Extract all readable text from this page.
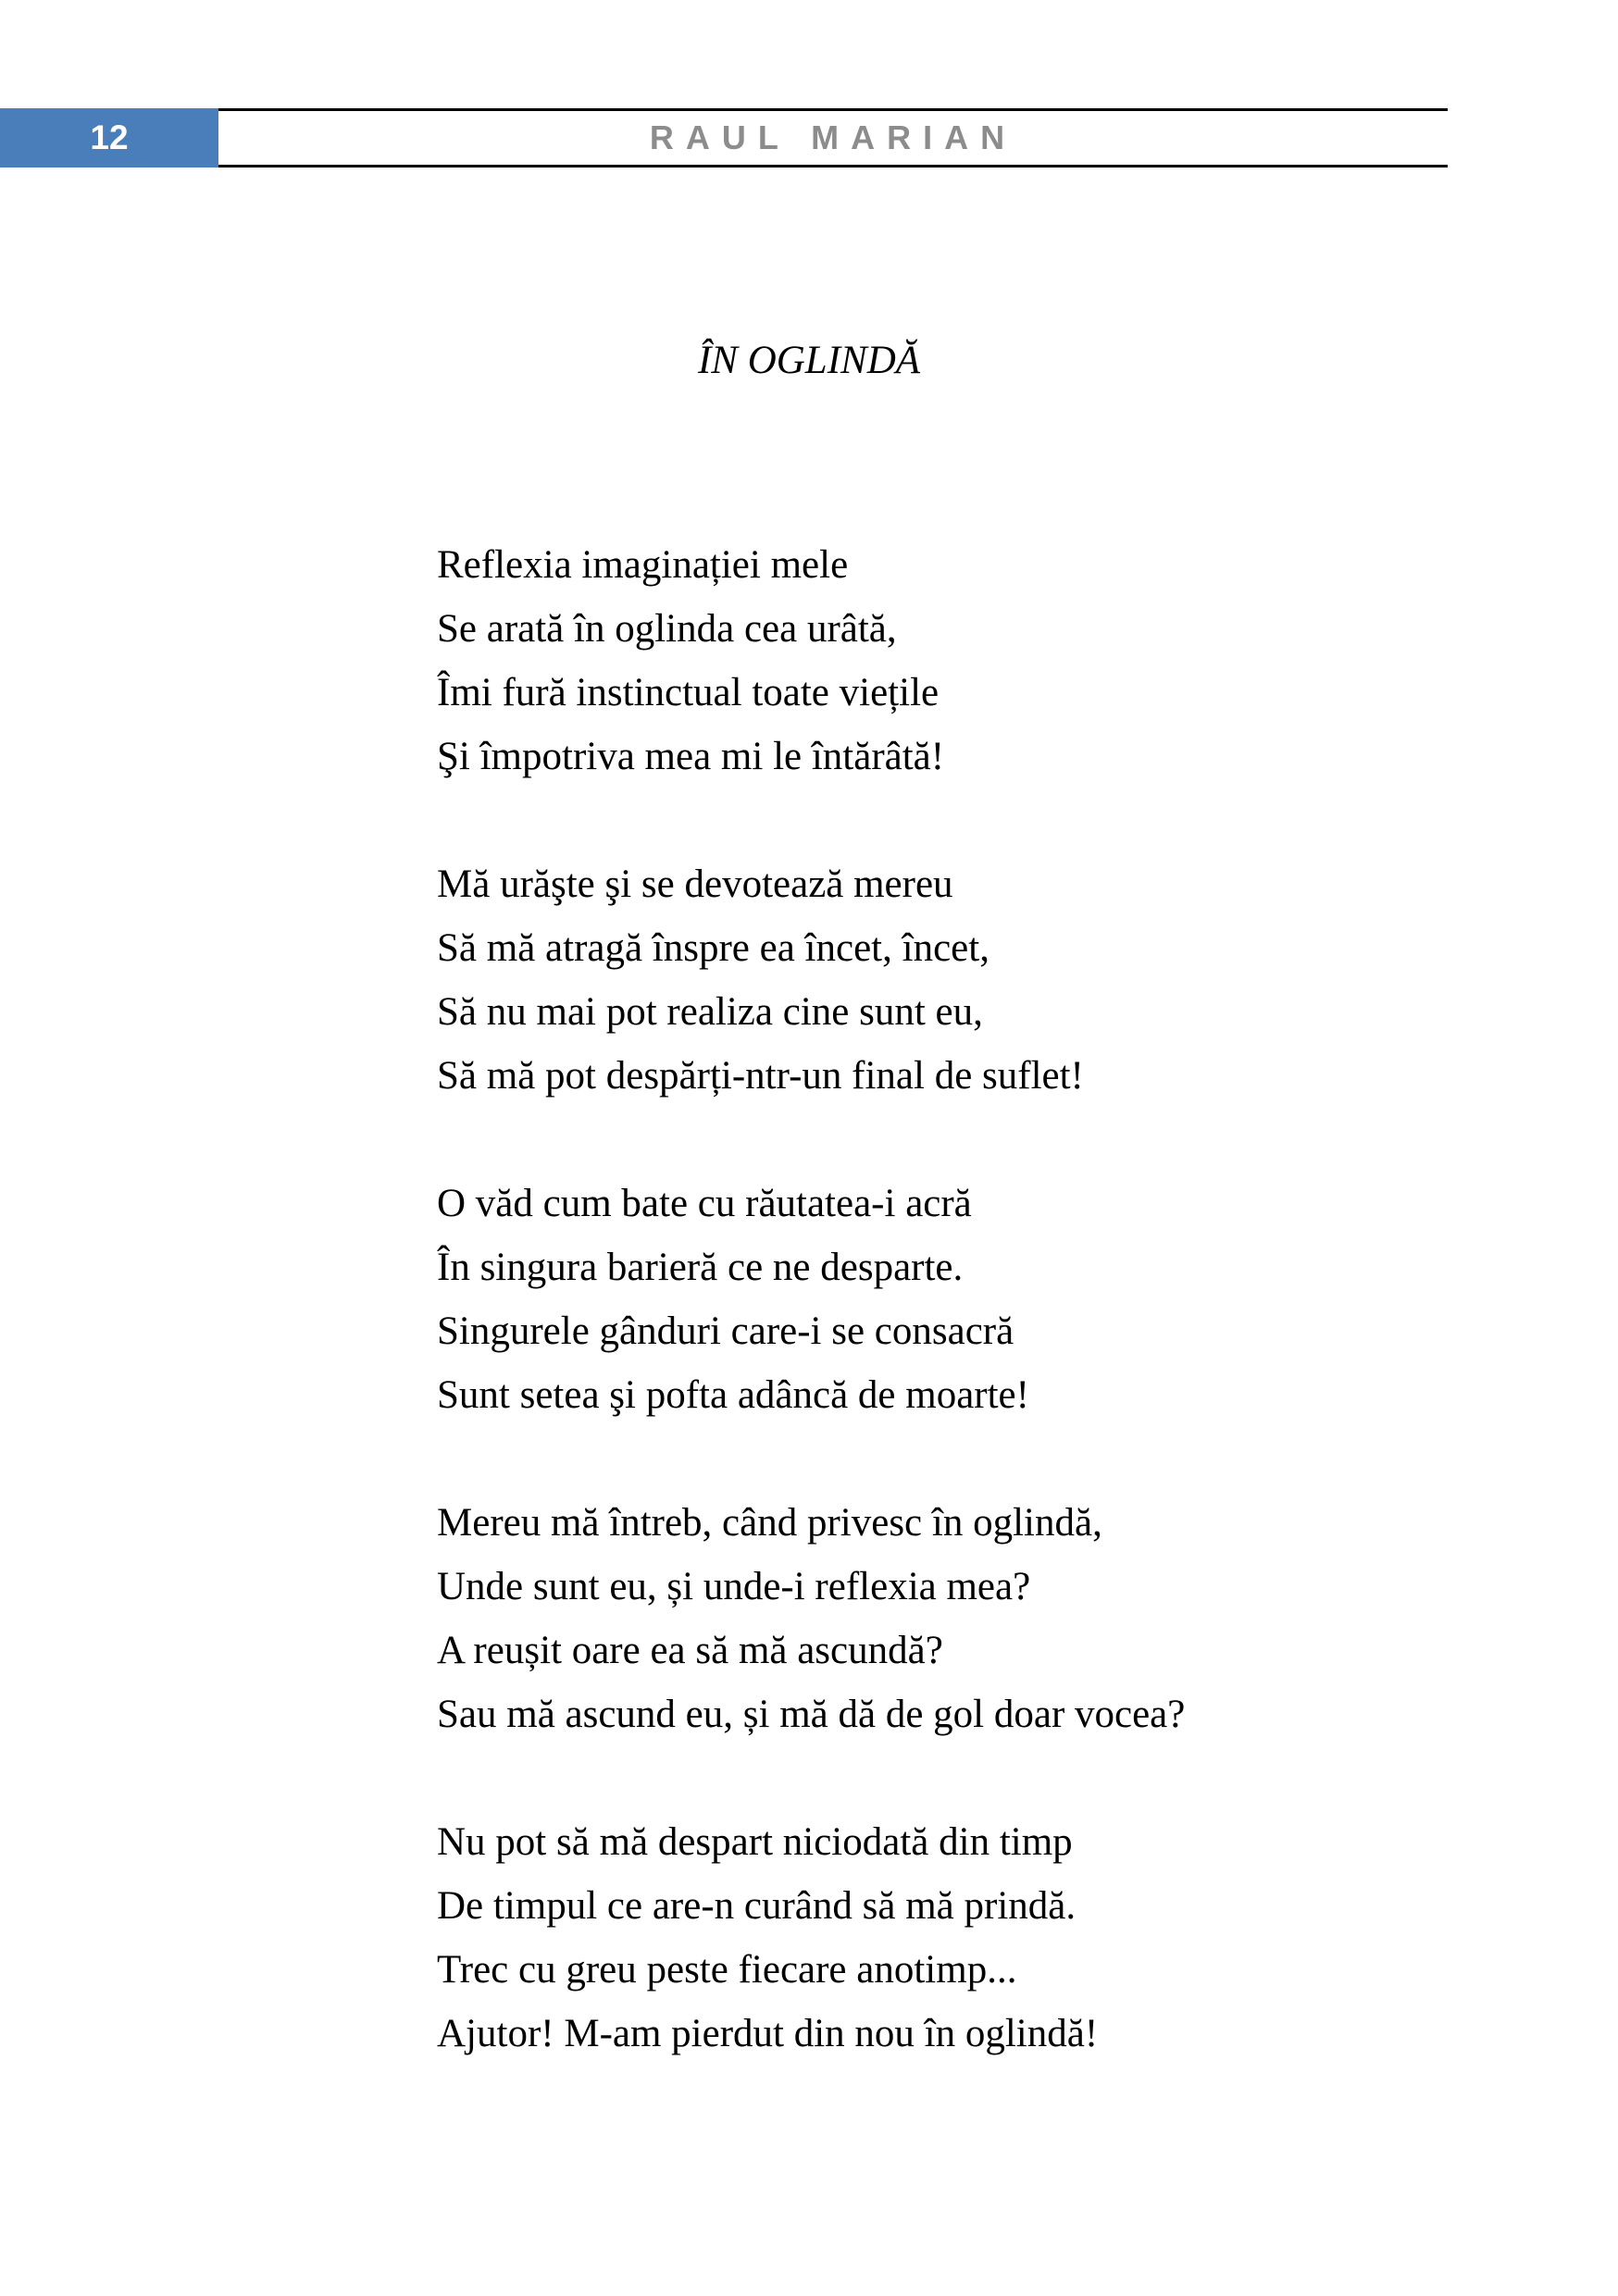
12	RAUL MARIAN
ÎN OGLINDĂ
Reflexia imaginației mele
Se arată în oglinda cea urâtă,
Îmi fură instinctual toate viețile
Şi împotriva mea mi le întărâtă!
Mă urăşte şi se devotează mereu
Să mă atragă înspre ea încet, încet,
Să nu mai pot realiza cine sunt eu,
Să mă pot despărți-ntr-un final de suflet!
O văd cum bate cu răutatea-i acră
În singura barieră ce ne desparte.
Singurele gânduri care-i se consacră
Sunt setea şi pofta adâncă de moarte!
Mereu mă întreb, când privesc în oglindă,
Unde sunt eu, și unde-i reflexia mea?
A reușit oare ea să mă ascundă?
Sau mă ascund eu, și mă dă de gol doar vocea?
Nu pot să mă despart niciodată din timp
De timpul ce are-n curând să mă prindă.
Trec cu greu peste fiecare anotimp...
Ajutor! M-am pierdut din nou în oglindă!
